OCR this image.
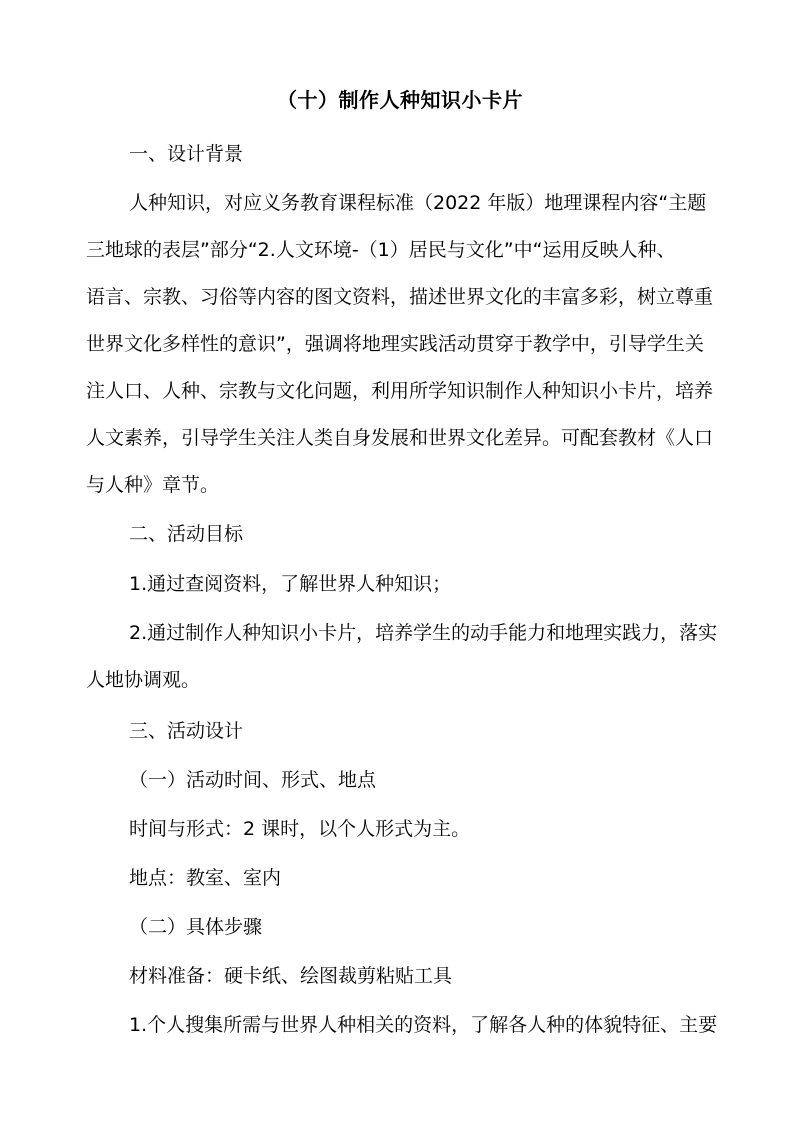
（十）制作人种知识小卡片
一、设计背景
人种知识，对应义务教育课程标准（2022 年版）地理课程内容“主题
三地球的表层”部分“2.人文环境-（1）居民与文化”中“运用反映人种、
语言、宗教、习俗等内容的图文资料，描述世界文化的丰富多彩，树立尊重
世界文化多样性的意识”，强调将地理实践活动贯穿于教学中，引导学生关
注人口、人种、宗教与文化问题，利用所学知识制作人种知识小卡片，培养
人文素养，引导学生关注人类自身发展和世界文化差异。可配套教材《人口
与人种》章节。
二、活动目标
1.通过查阅资料，了解世界人种知识；
2.通过制作人种知识小卡片，培养学生的动手能力和地理实践力，落实
人地协调观。
三、活动设计
（一）活动时间、形式、地点
时间与形式：2 课时，以个人形式为主。
地点：教室、室内
（二）具体步骤
材料准备：硬卡纸、绘图裁剪粘贴工具
1.个人搜集所需与世界人种相关的资料，了解各人种的体貌特征、主要
